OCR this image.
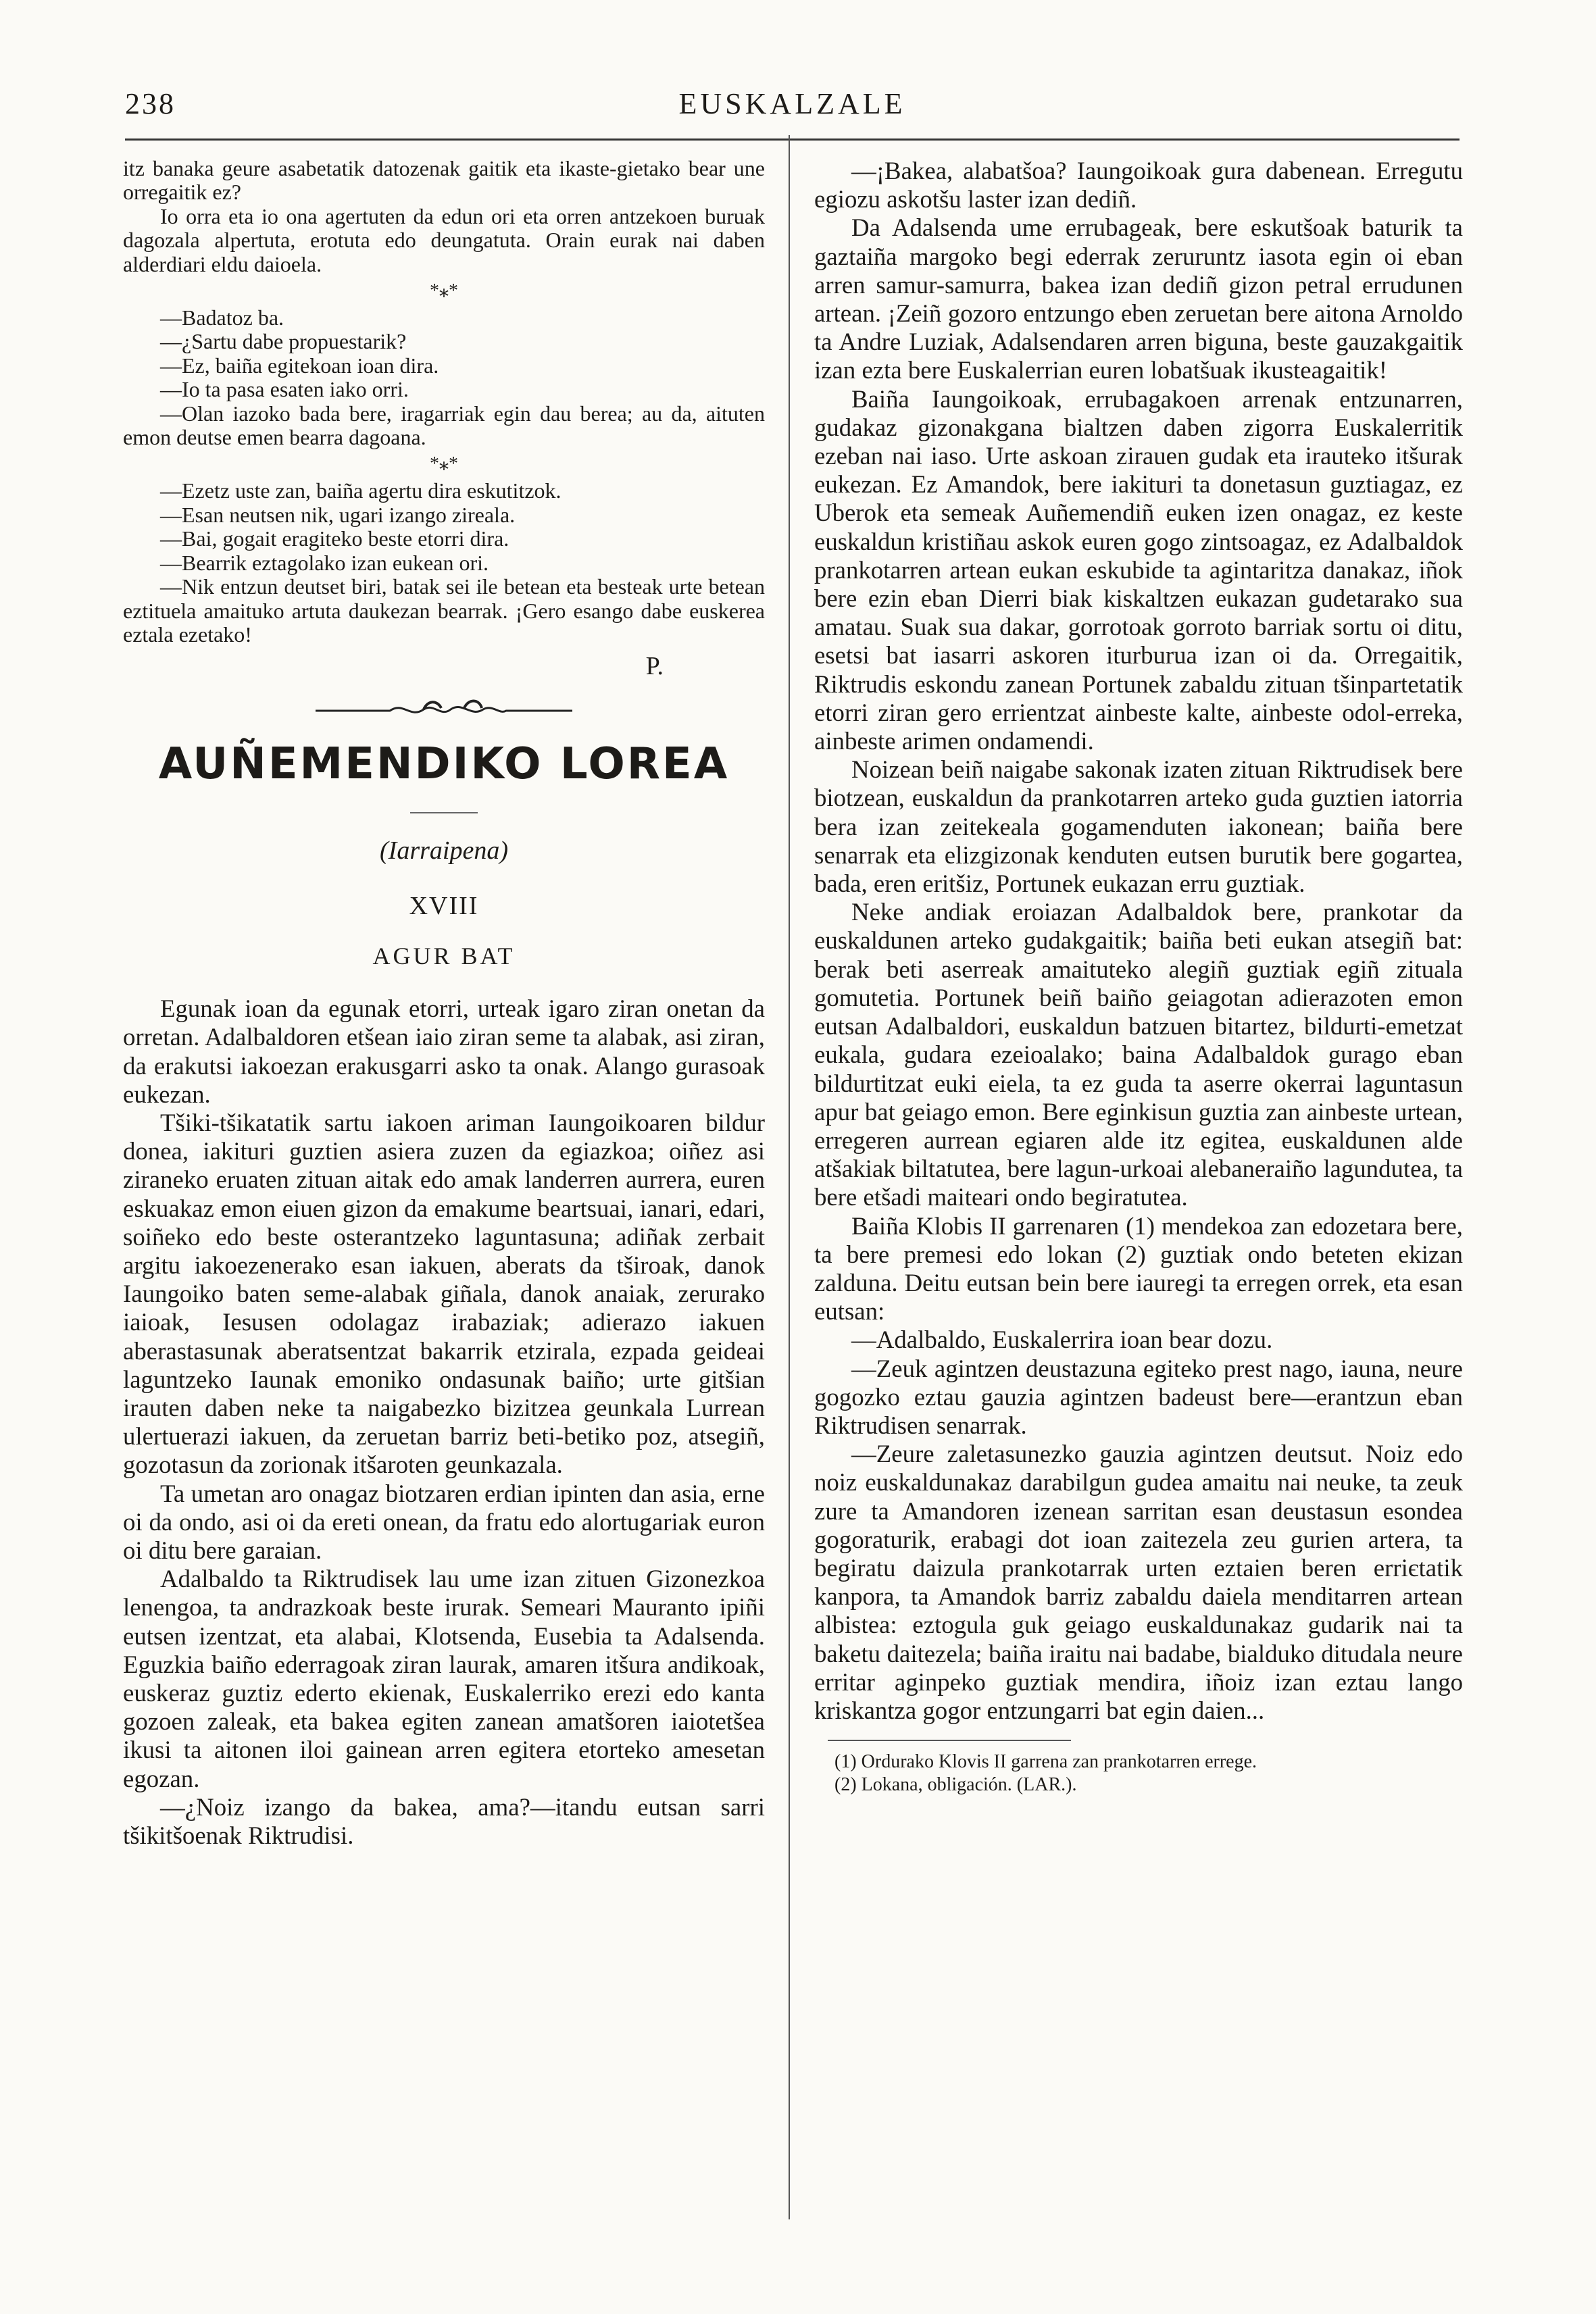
238	EUSKALZALE

itz banaka geure asabetatik datozenak gaitik eta ikaste-gietako bear une orregaitik ez?

Io orra eta io ona agertuten da edun ori eta orren antzekoen buruak dagozala alpertuta, erotuta edo deungatuta. Orain eurak nai daben alderdiari eldu daioela.

*⁎*

—Badatoz ba.

—¿Sartu dabe propuestarik?

—Ez, baiña egitekoan ioan dira.

—Io ta pasa esaten iako orri.

—Olan iazoko bada bere, iragarriak egin dau berea; au da, aituten emon deutse emen bearra dagoana.

*⁎*

—Ezetz uste zan, baiña agertu dira eskutitzok.

—Esan neutsen nik, ugari izango zireala.

—Bai, gogait eragiteko beste etorri dira.

—Bearrik eztagolako izan eukean ori.

—Nik entzun deutset biri, batak sei ile betean eta besteak urte betean eztituela amaituko artuta daukezan bearrak. ¡Gero esango dabe euskerea eztala ezetako!

P.

AUÑEMENDIKO LOREA

(Iarraipena)

XVIII

AGUR BAT

Egunak ioan da egunak etorri, urteak igaro ziran onetan da orretan. Adalbaldoren etšean iaio ziran seme ta alabak, asi ziran, da erakutsi iakoezan erakusgarri asko ta onak. Alango gurasoak eukezan.

Tšiki-tšikatatik sartu iakoen ariman Iaungoikoaren bildur donea, iakituri guztien asiera zuzen da egiazkoa; oiñez asi ziraneko eruaten zituan aitak edo amak landerren aurrera, euren eskuakaz emon eiuen gizon da emakume beartsuai, ianari, edari, soiñeko edo beste osterantzeko laguntasuna; adiñak zerbait argitu iakoezenerako esan iakuen, aberats da tširoak, danok Iaungoiko baten seme-alabak giñala, danok anaiak, zerurako iaioak, Iesusen odolagaz irabaziak; adierazo iakuen aberastasunak aberatsentzat bakarrik etzirala, ezpada geideai laguntzeko Iaunak emoniko ondasunak baiño; urte gitšian irauten daben neke ta naigabezko bizitzea geunkala Lurrean ulertuerazi iakuen, da zeruetan barriz beti-betiko poz, atsegiñ, gozotasun da zorionak itšaroten geunkazala.

Ta umetan aro onagaz biotzaren erdian ipinten dan asia, erne oi da ondo, asi oi da ereti onean, da fratu edo alortugariak euron oi ditu bere garaian.

Adalbaldo ta Riktrudisek lau ume izan zituen Gizonezkoa lenengoa, ta andrazkoak beste irurak. Semeari Mauranto ipiñi eutsen izentzat, eta alabai, Klotsenda, Eusebia ta Adalsenda. Eguzkia baiño ederragoak ziran laurak, amaren itšura andikoak, euskeraz guztiz ederto ekienak, Euskalerriko erezi edo kanta gozoen zaleak, eta bakea egiten zanean amatšoren iaiotetšea ikusi ta aitonen iloi gainean arren egitera etorteko amesetan egozan.

—¿Noiz izango da bakea, ama?—itandu eutsan sarri tšikitšoenak Riktrudisi.

—¡Bakea, alabatšoa? Iaungoikoak gura dabenean. Erregutu egiozu askotšu laster izan dediñ.

Da Adalsenda ume errubageak, bere eskutšoak baturik ta gaztaiña margoko begi ederrak zeruruntz iasota egin oi eban arren samur-samurra, bakea izan dediñ gizon petral errudunen artean. ¡Zeiñ gozoro entzungo eben zeruetan bere aitona Arnoldo ta Andre Luziak, Adalsendaren arren biguna, beste gauzakgaitik izan ezta bere Euskalerrian euren lobatšuak ikusteagaitik!

Baiña Iaungoikoak, errubagakoen arrenak entzunarren, gudakaz gizonakgana bialtzen daben zigorra Euskalerritik ezeban nai iaso. Urte askoan zirauen gudak eta irauteko itšurak eukezan. Ez Amandok, bere iakituri ta donetasun guztiagaz, ez Uberok eta semeak Auñemendiñ euken izen onagaz, ez keste euskaldun kristiñau askok euren gogo zintsoagaz, ez Adalbaldok prankotarren artean eukan eskubide ta agintaritza danakaz, iñok bere ezin eban Dierri biak kiskaltzen eukazan gudetarako sua amatau. Suak sua dakar, gorrotoak gorroto barriak sortu oi ditu, esetsi bat iasarri askoren iturburua izan oi da. Orregaitik, Riktrudis eskondu zanean Portunek zabaldu zituan tšinpartetatik etorri ziran gero errientzat ainbeste kalte, ainbeste odol-erreka, ainbeste arimen ondamendi.

Noizean beiñ naigabe sakonak izaten zituan Riktrudisek bere biotzean, euskaldun da prankotarren arteko guda guztien iatorria bera izan zeitekeala gogamenduten iakonean; baiña bere senarrak eta elizgizonak kenduten eutsen burutik bere gogartea, bada, eren eritšiz, Portunek eukazan erru guztiak.

Neke andiak eroiazan Adalbaldok bere, prankotar da euskaldunen arteko gudakgaitik; baiña beti eukan atsegiñ bat: berak beti aserreak amaituteko alegiñ guztiak egiñ zituala gomutetia. Portunek beiñ baiño geiagotan adierazoten emon eutsan Adalbaldori, euskaldun batzuen bitartez, bildurti-emetzat eukala, gudara ezeioalako; baina Adalbaldok gurago eban bildurtitzat euki eiela, ta ez guda ta aserre okerrai laguntasun apur bat geiago emon. Bere eginkisun guztia zan ainbeste urtean, erregeren aurrean egiaren alde itz egitea, euskaldunen alde atšakiak biltatutea, bere lagun-urkoai alebaneraiño lagundutea, ta bere etšadi maiteari ondo begiratutea.

Baiña Klobis II garrenaren (1) mendekoa zan edozetara bere, ta bere premesi edo lokan (2) guztiak ondo beteten ekizan zalduna. Deitu eutsan bein bere iauregi ta erregen orrek, eta esan eutsan:

—Adalbaldo, Euskalerrira ioan bear dozu.

—Zeuk agintzen deustazuna egiteko prest nago, iauna, neure gogozko eztau gauzia agintzen badeust bere—erantzun eban Riktrudisen senarrak.

—Zeure zaletasunezko gauzia agintzen deutsut. Noiz edo noiz euskaldunakaz darabilgun gudea amaitu nai neuke, ta zeuk zure ta Amandoren izenean sarritan esan deustasun esondea gogoraturik, erabagi dot ioan zaitezela zeu gurien artera, ta begiratu daizula prankotarrak urten eztaien beren erriєtatik kanpora, ta Amandok barriz zabaldu daiela menditarren artean albistea: eztogula guk geiago euskaldunakaz gudarik nai ta baketu daitezela; baiña iraitu nai badabe, bialduko ditudala neure erritar aginpeko guztiak mendira, iñoiz izan eztau lango kriskantza gogor entzungarri bat egin daien...

(1) Ordurako Klovis II garrena zan prankotarren errege.

(2) Lokana, obligación. (LAR.).
